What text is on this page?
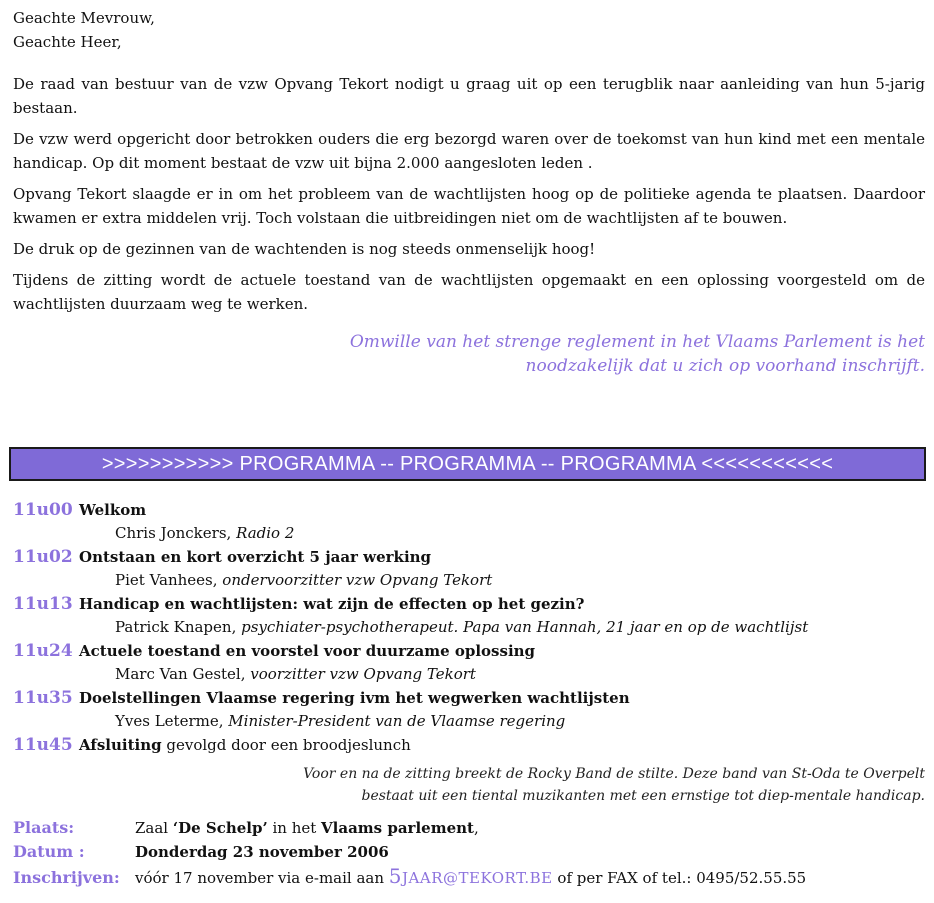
Geachte Mevrouw,
Geachte Heer,

De raad van bestuur van de vzw Opvang Tekort nodigt u graag uit op een terugblik naar aanleiding van hun 5-jarig bestaan.

De vzw werd opgericht door betrokken ouders die erg bezorgd waren over de toekomst van hun kind met een mentale handicap. Op dit moment bestaat de vzw uit bijna 2.000 aangesloten leden .

Opvang Tekort slaagde er in om het probleem van de wachtlijsten hoog op de politieke agenda te plaatsen. Daardoor kwamen er extra middelen vrij. Toch volstaan die uitbreidingen niet om de wachtlijsten af te bouwen.

De druk op de gezinnen van de wachtenden is nog steeds onmenselijk hoog!

Tijdens de zitting wordt de actuele toestand van de wachtlijsten opgemaakt en een oplossing voorgesteld om de wachtlijsten duurzaam weg te werken.

Omwille van het strenge reglement in het Vlaams Parlement is het
noodzakelijk dat u zich op voorhand inschrijft.
>>>>>>>>>>> PROGRAMMA -- PROGRAMMA -- PROGRAMMA <<<<<<<<<<<
11u00 Welkom
Chris Jonckers, Radio 2
11u02 Ontstaan en kort overzicht 5 jaar werking
Piet Vanhees, ondervoorzitter vzw Opvang Tekort
11u13 Handicap en wachtlijsten: wat zijn de effecten op het gezin?
Patrick Knapen, psychiater-psychotherapeut. Papa van Hannah, 21 jaar en op de wachtlijst
11u24 Actuele toestand en voorstel voor duurzame oplossing
Marc Van Gestel, voorzitter vzw Opvang Tekort
11u35 Doelstellingen Vlaamse regering ivm het wegwerken wachtlijsten
Yves Leterme, Minister-President van de Vlaamse regering
11u45 Afsluiting gevolgd door een broodjeslunch
Voor en na de zitting breekt de Rocky Band de stilte. Deze band van St-Oda te Overpelt
bestaat uit een tiental muzikanten met een ernstige tot diep-mentale handicap.
Plaats:	Zaal ‘De Schelp’ in het Vlaams parlement,
Datum :	Donderdag 23 november 2006
Inschrijven: vóór 17 november via e-mail aan 5JAAR@TEKORT.BE of per FAX of tel.: 0495/52.55.55
